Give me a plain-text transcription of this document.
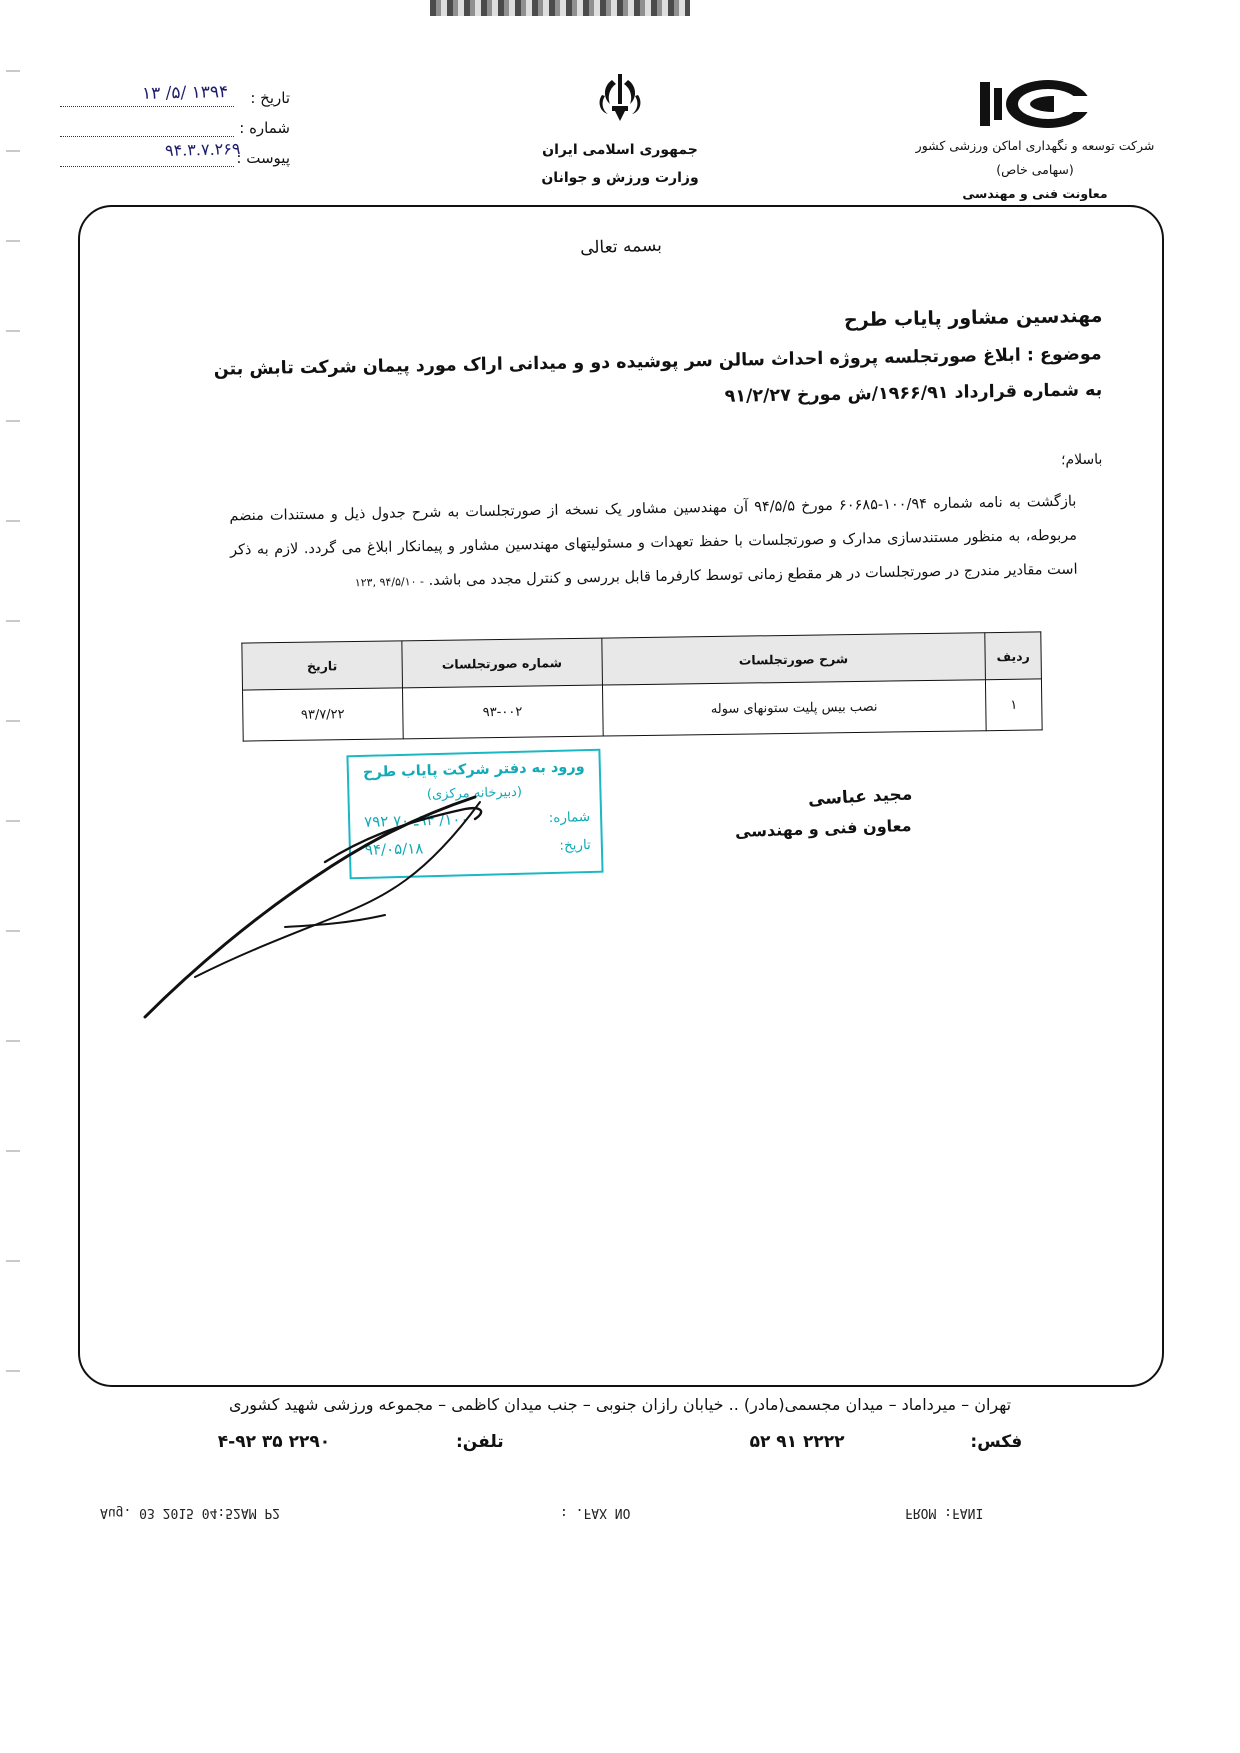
شرکت توسعه و نگهداری اماکن ورزشی کشور
(سهامی خاص)
معاونت فنی و مهندسی
جمهوری اسلامی ایران
وزارت ورزش و جوانان
تاريخ :
۱۳۹۴ /۵/ ۱۳
شماره :
۹۴.۳.۷.۲۶۹
پيوست :
بسمه تعالی
مهندسین مشاور پایاب طرح
موضوع : ابلاغ صورتجلسه پروژه احداث سالن سر پوشیده دو و میدانی اراک مورد پیمان شرکت تابش بتن به شماره قرارداد ۱۹۶۶/۹۱/ش مورخ ۹۱/۲/۲۷
باسلام؛
بازگشت به نامه شماره ۱۰۰/۹۴-۶۰۶۸۵ مورخ ۹۴/۵/۵ آن مهندسین مشاور یک نسخه از صورتجلسات به شرح جدول ذیل و مستندات منضم مربوطه، به منظور مستندسازی مدارک و صورتجلسات با حفظ تعهدات و مسئولیتهای مهندسین مشاور و پیمانکار ابلاغ می گردد. لازم به ذکر است مقادیر مندرج در صورتجلسات در هر مقطع زمانی توسط کارفرما قابل بررسی و کنترل مجدد می باشد. - ۹۴/۵/۱۰ ,۱۲۳
ردیف	شرح صورتجلسات	شماره صورتجلسات	تاریخ
۱	نصب بیس پلیت ستونهای سوله	۹۳-۰۰۲	۹۳/۷/۲۲
ورود به دفتر شرکت پایاب طرح
(دبیرخانه مرکزی)
شماره:
۱۰۰/ ۹۴ـ ۷۰ ۷۹۲
تاریخ:
۹۴/۰۵/۱۸
مجید عباسی
معاون فنی و مهندسی
تهران – میرداماد – میدان مجسمی(مادر) .. خیابان رازان جنوبی – جنب میدان کاظمی – مجموعه ورزشی شهید کشوری
فکس: ۲۲۲۲ ۹۱ ۵۲ تلفن: ۲۲۹۰ ۳۵ ۹۲-۴
FROM :FANI
FAX NO. :
Aug. 03 2015 04:52AM P2
